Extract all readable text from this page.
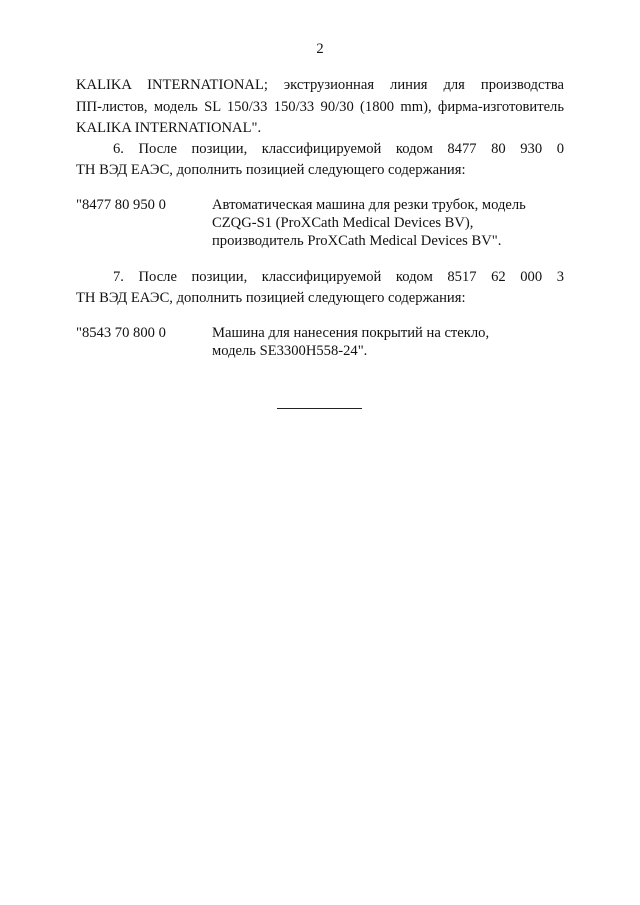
2
KALIKA INTERNATIONAL; экструзионная линия для производства
ПП-листов, модель SL 150/33 150/33 90/30 (1800 mm), фирма-изготовитель
KALIKA INTERNATIONAL".
6. После позиции, классифицируемой кодом 8477 80 930 0
ТН ВЭД ЕАЭС, дополнить позицией следующего содержания:
"8477 80 950 0	Автоматическая машина для резки трубок, модель
CZQG-S1 (ProXCath Medical Devices BV),
производитель ProXCath Medical Devices BV".
7. После позиции, классифицируемой кодом 8517 62 000 3
ТН ВЭД ЕАЭС, дополнить позицией следующего содержания:
"8543 70 800 0	Машина для нанесения покрытий на стекло,
модель SE3300H558-24".
